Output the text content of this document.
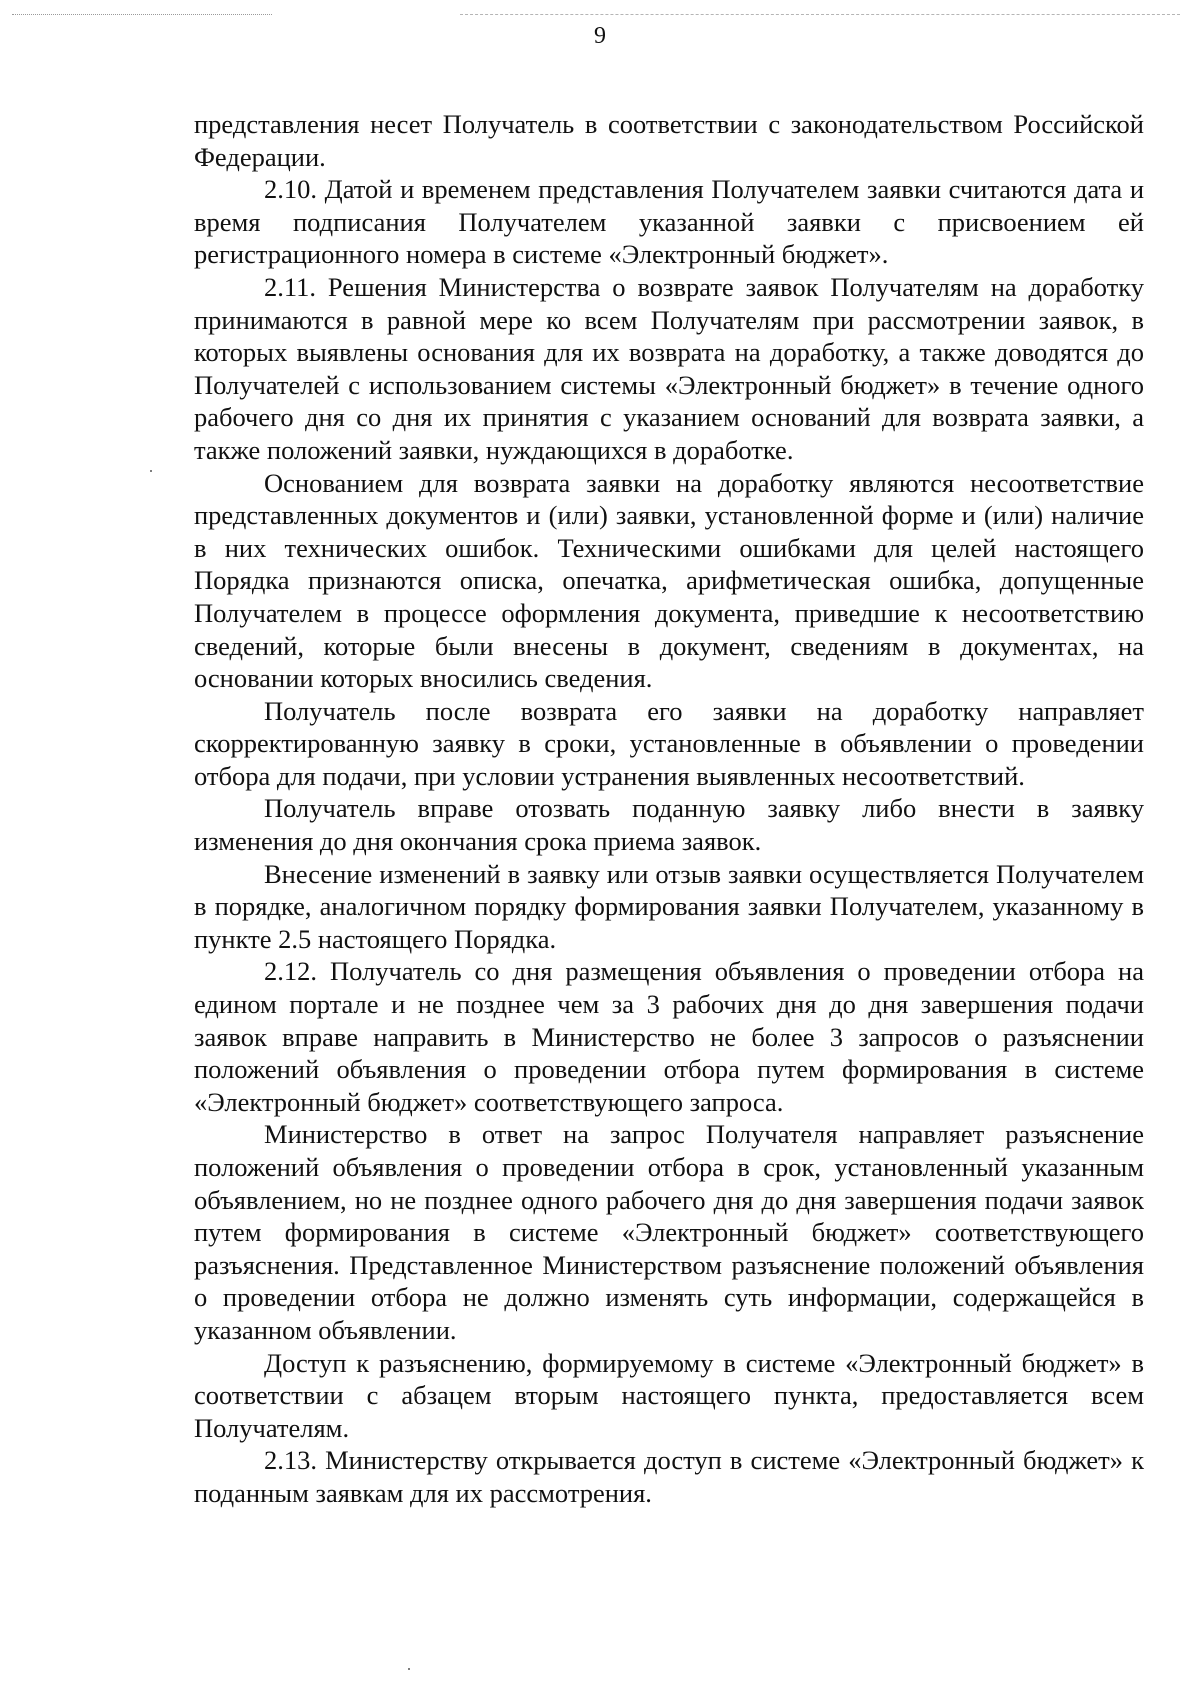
9

представления несет Получатель в соответствии с законодательством Российской Федерации.

2.10. Датой и временем представления Получателем заявки считаются дата и время подписания Получателем указанной заявки с присвоением ей регистрационного номера в системе «Электронный бюджет».

2.11. Решения Министерства о возврате заявок Получателям на доработку принимаются в равной мере ко всем Получателям при рассмотрении заявок, в которых выявлены основания для их возврата на доработку, а также доводятся до Получателей с использованием системы «Электронный бюджет» в течение одного рабочего дня со дня их принятия с указанием оснований для возврата заявки, а также положений заявки, нуждающихся в доработке.

Основанием для возврата заявки на доработку являются несоответствие представленных документов и (или) заявки, установленной форме и (или) наличие в них технических ошибок. Техническими ошибками для целей настоящего Порядка признаются описка, опечатка, арифметическая ошибка, допущенные Получателем в процессе оформления документа, приведшие к несоответствию сведений, которые были внесены в документ, сведениям в документах, на основании которых вносились сведения.

Получатель после возврата его заявки на доработку направляет скорректированную заявку в сроки, установленные в объявлении о проведении отбора для подачи, при условии устранения выявленных несоответствий.

Получатель вправе отозвать поданную заявку либо внести в заявку изменения до дня окончания срока приема заявок.

Внесение изменений в заявку или отзыв заявки осуществляется Получателем в порядке, аналогичном порядку формирования заявки Получателем, указанному в пункте 2.5 настоящего Порядка.

2.12. Получатель со дня размещения объявления о проведении отбора на едином портале и не позднее чем за 3 рабочих дня до дня завершения подачи заявок вправе направить в Министерство не более 3 запросов о разъяснении положений объявления о проведении отбора путем формирования в системе «Электронный бюджет» соответствующего запроса.

Министерство в ответ на запрос Получателя направляет разъяснение положений объявления о проведении отбора в срок, установленный указанным объявлением, но не позднее одного рабочего дня до дня завершения подачи заявок путем формирования в системе «Электронный бюджет» соответствующего разъяснения. Представленное Министерством разъяснение положений объявления о проведении отбора не должно изменять суть информации, содержащейся в указанном объявлении.

Доступ к разъяснению, формируемому в системе «Электронный бюджет» в соответствии с абзацем вторым настоящего пункта, предоставляется всем Получателям.

2.13. Министерству открывается доступ в системе «Электронный бюджет» к поданным заявкам для их рассмотрения.
